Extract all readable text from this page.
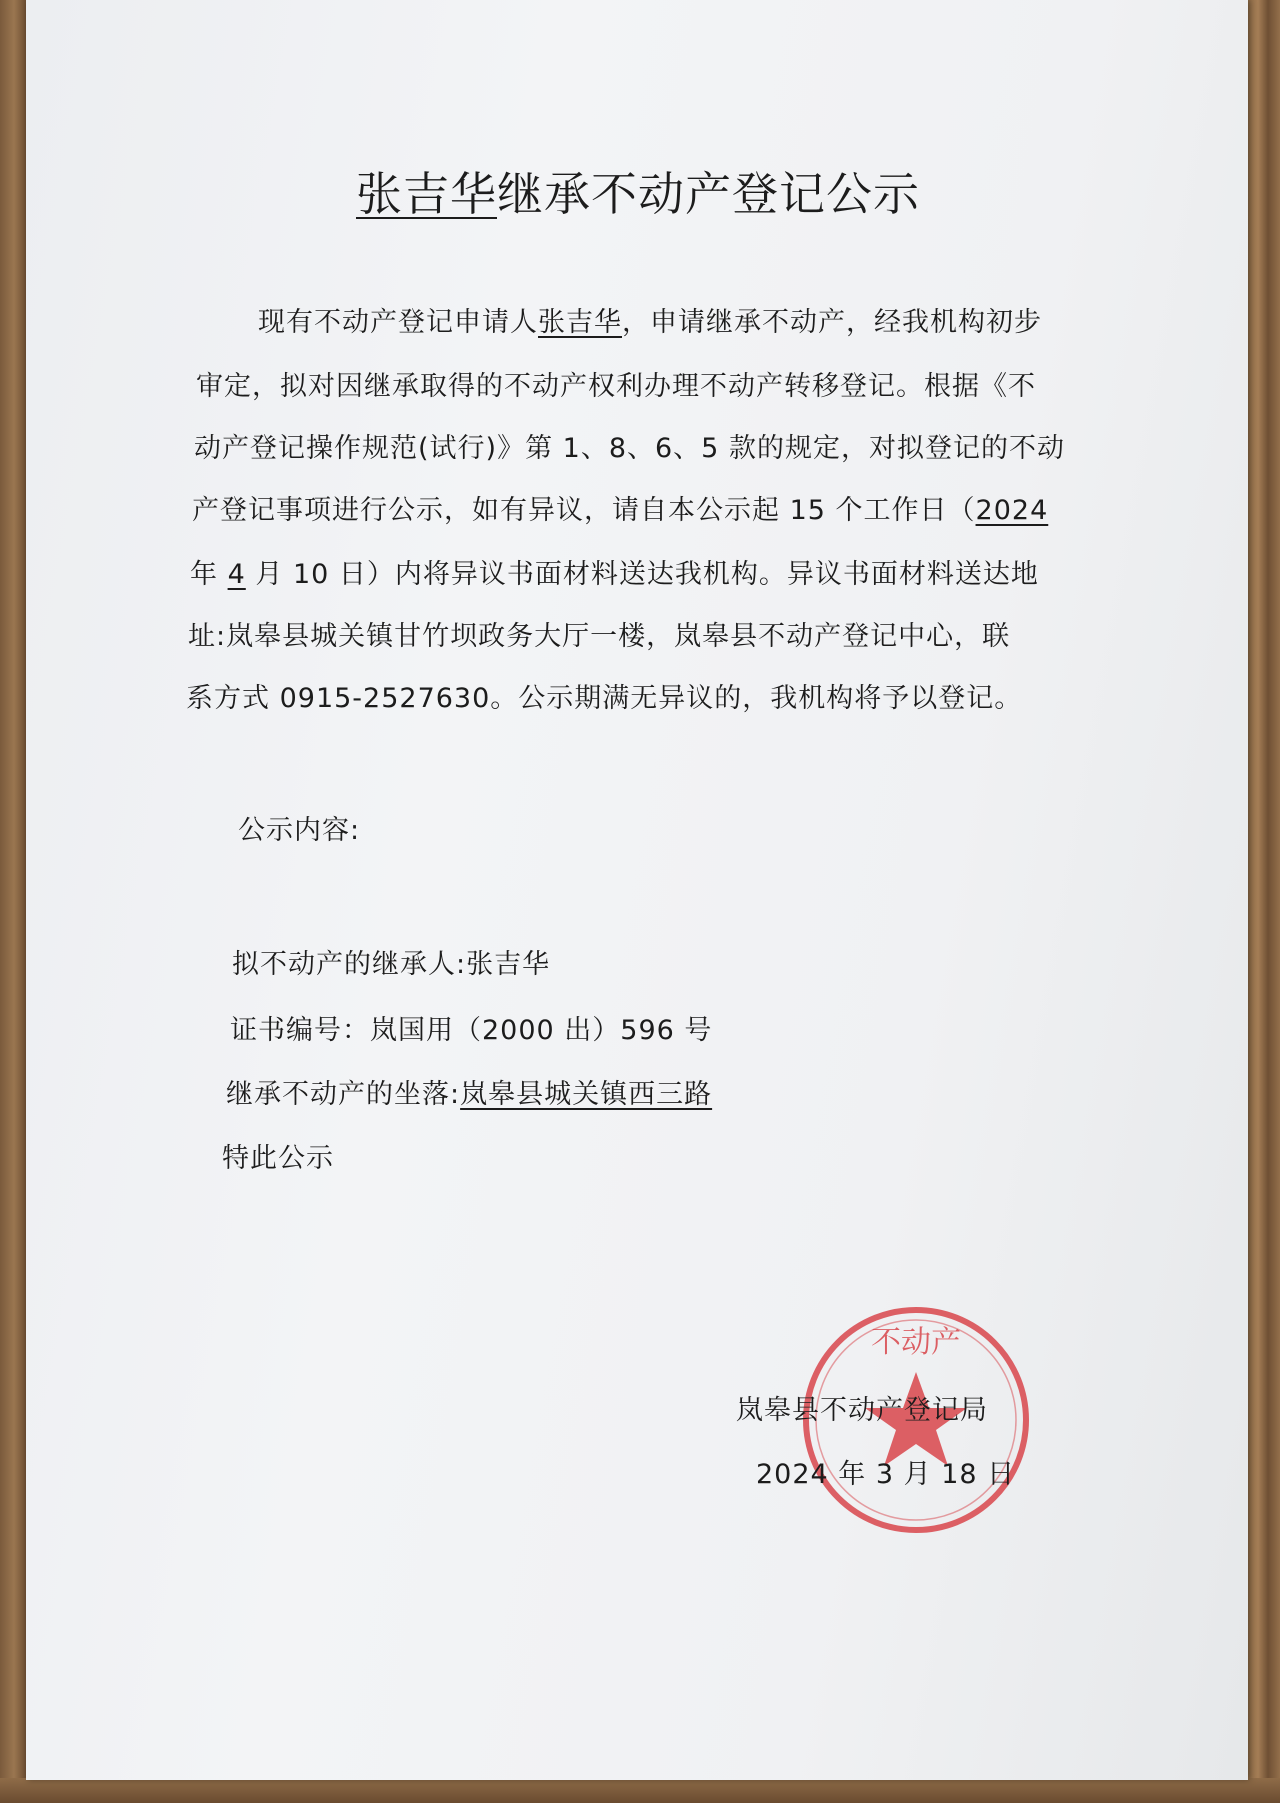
张吉华继承不动产登记公示
现有不动产登记申请人张吉华，申请继承不动产，经我机构初步
审定，拟对因继承取得的不动产权利办理不动产转移登记。根据《不
动产登记操作规范(试行)》第 1、8、6、5 款的规定，对拟登记的不动
产登记事项进行公示，如有异议，请自本公示起 15 个工作日（2024
年 4 月 10 日）内将异议书面材料送达我机构。异议书面材料送达地
址:岚皋县城关镇甘竹坝政务大厅一楼，岚皋县不动产登记中心，联
系方式 0915-2527630。公示期满无异议的，我机构将予以登记。
公示内容:
拟不动产的继承人:张吉华
证书编号：岚国用（2000 出）596 号
继承不动产的坐落:岚皋县城关镇西三路
特此公示
不动产
岚皋县不动产登记局
2024 年 3 月 18 日
